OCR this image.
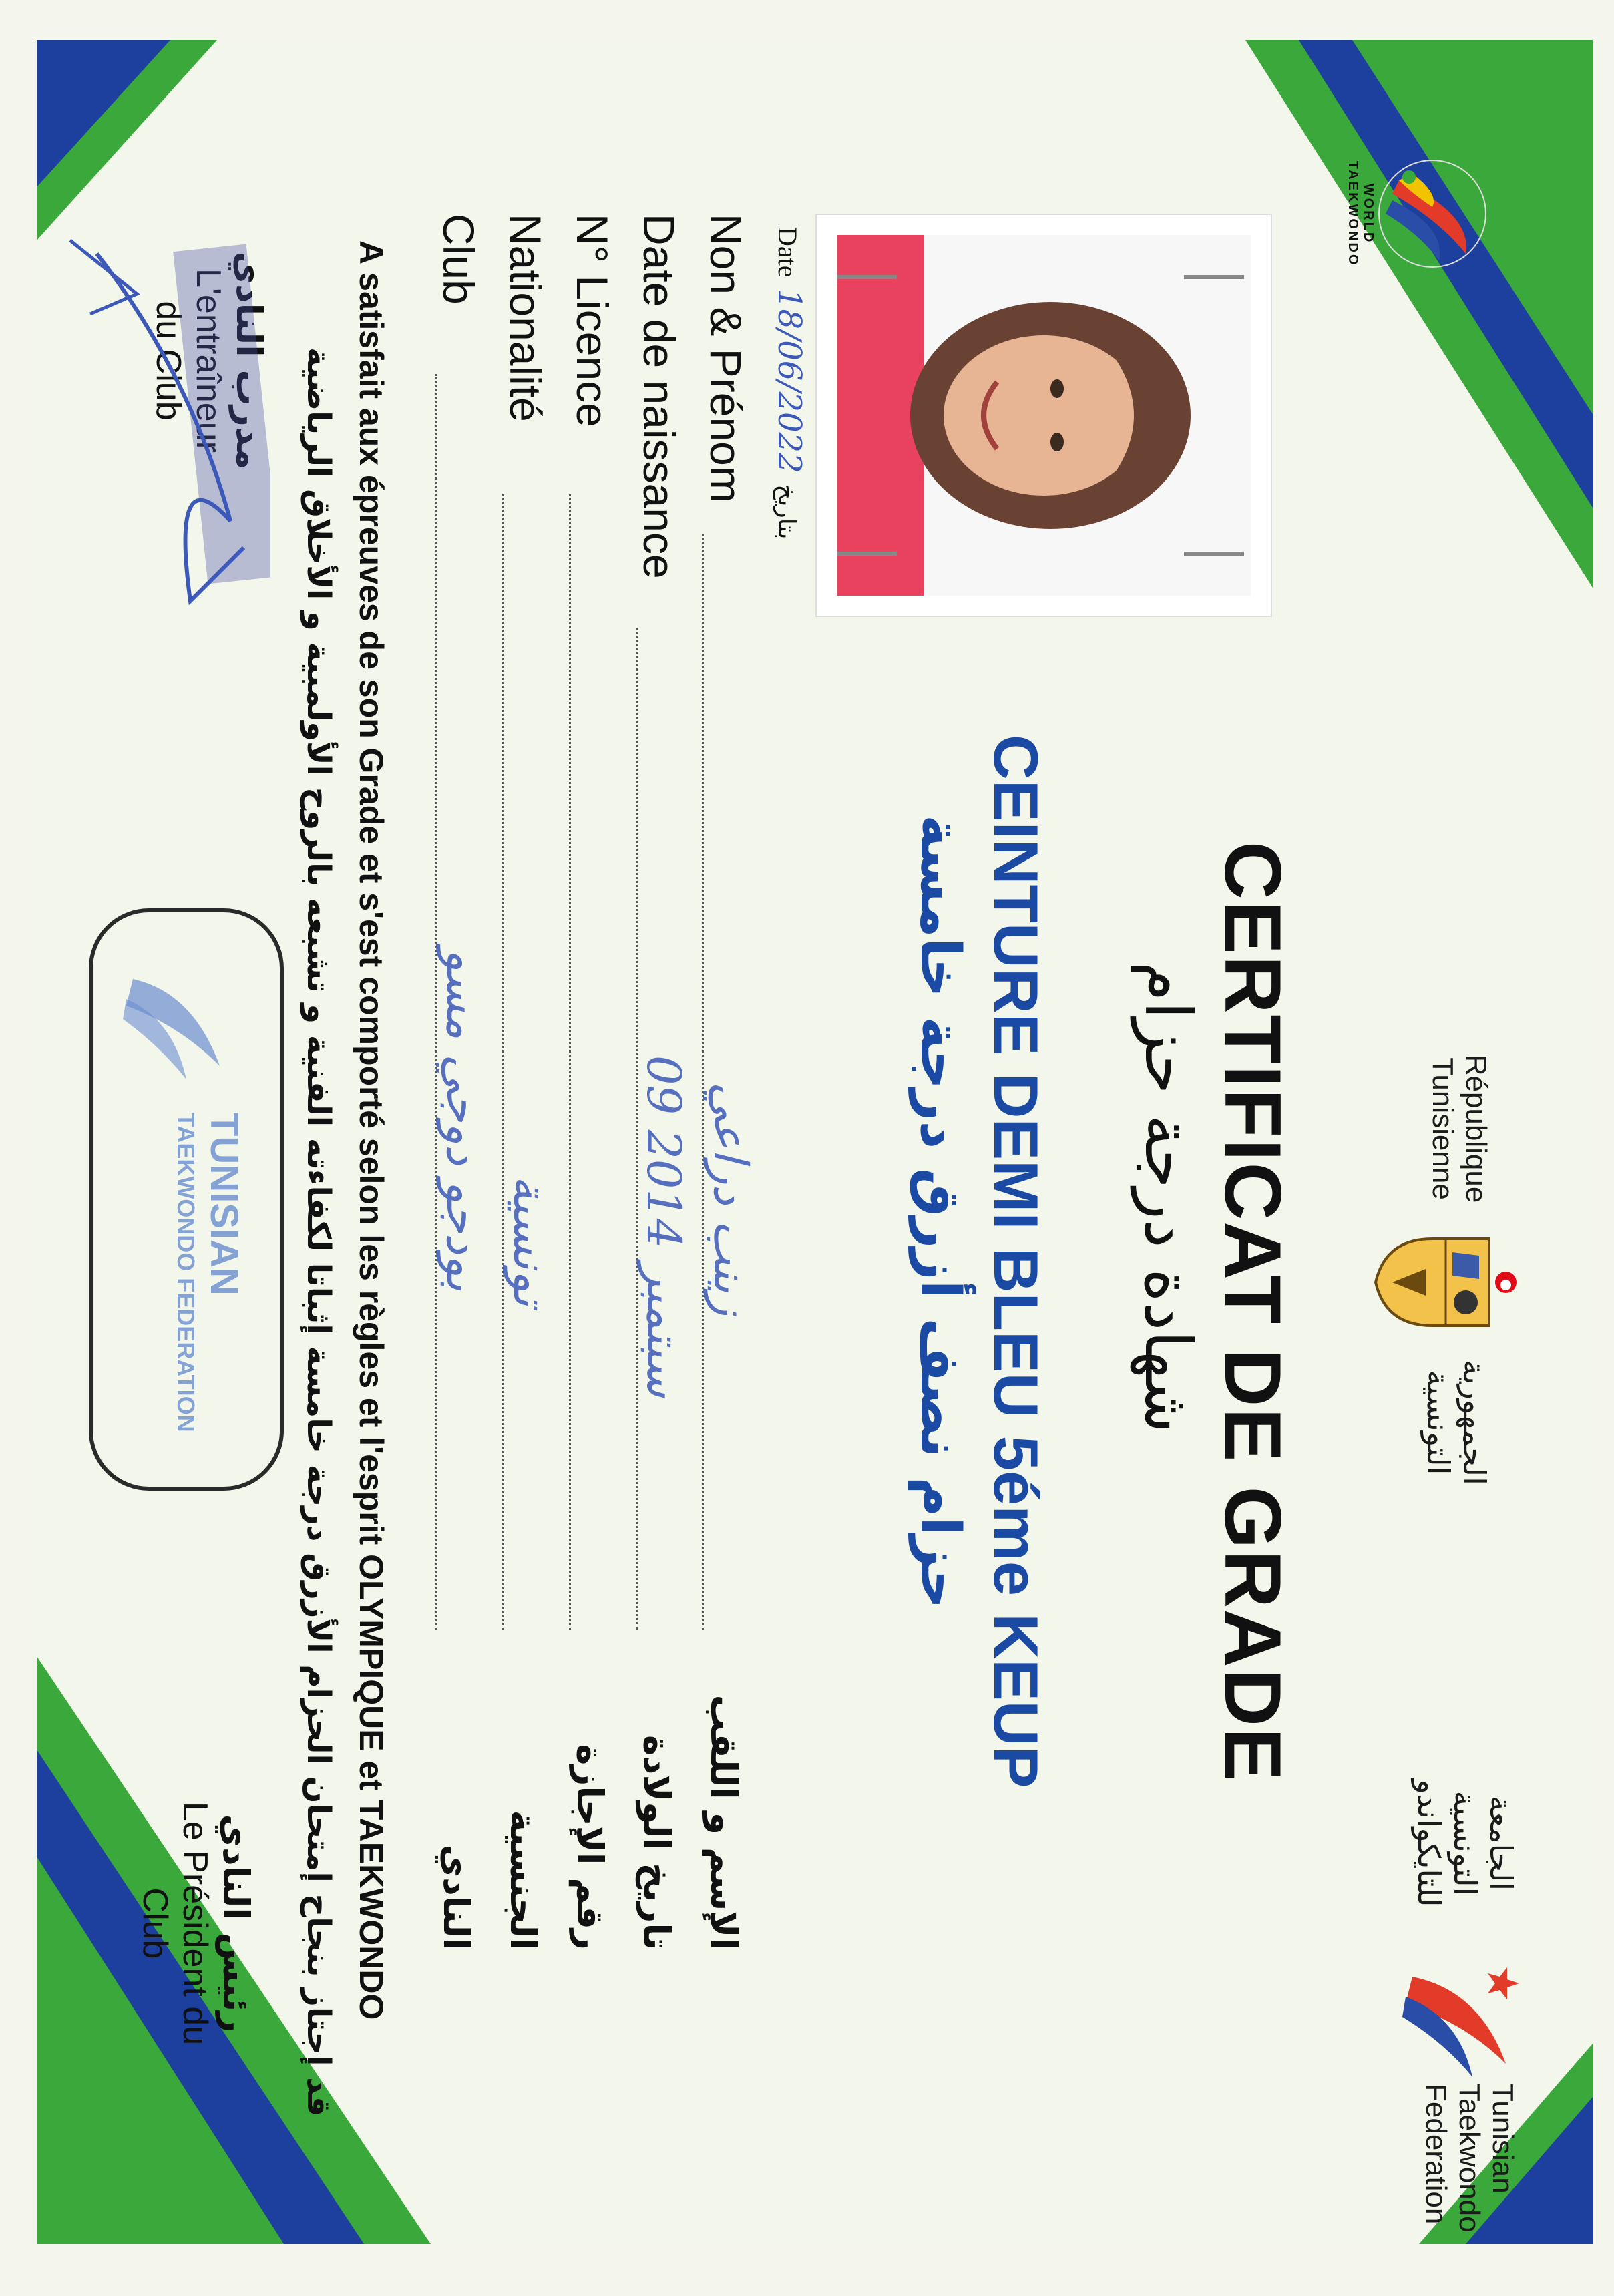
WORLD TAEKWONDO
République
Tunisienne
الجمهورية
التونسية
الجامعة
التونسية
للتايكواندو
Tunisian
Taekwondo
Federation
CERTIFICAT DE GRADE
شهادة درجة حزام
CEINTURE DEMI BLEU 5éme KEUP
حزام نصف أزرق درجة خامسة
Date 18/06/2022 بتاريخ
Non & Prénom
زينب دراعي
الإسم و اللقب
Date de naissance
09 سبتمبر 2014
تاريخ الولادة
N° Licence
رقم الإجازة
Nationalité
تونسية
الجنسية
Club
بودجو دوجي مسو
النادي
A satisfait aux épreuves de son Grade et s'est comporté selon les règles et l'esprit OLYMPIQUE et TAEKWONDO
قد إجتاز بنجاح إمتحان الحزام الأزرق درجة خامسة إثباتا لكفاءته الفنية و تشبعه بالروح الأولمبية و الأخلاق الرياضية
مدرب النادي
L'entraîneur
du Club
TUNISIAN
TAEKWONDO FEDERATION
رئيس النادي
Le Président du
Club
